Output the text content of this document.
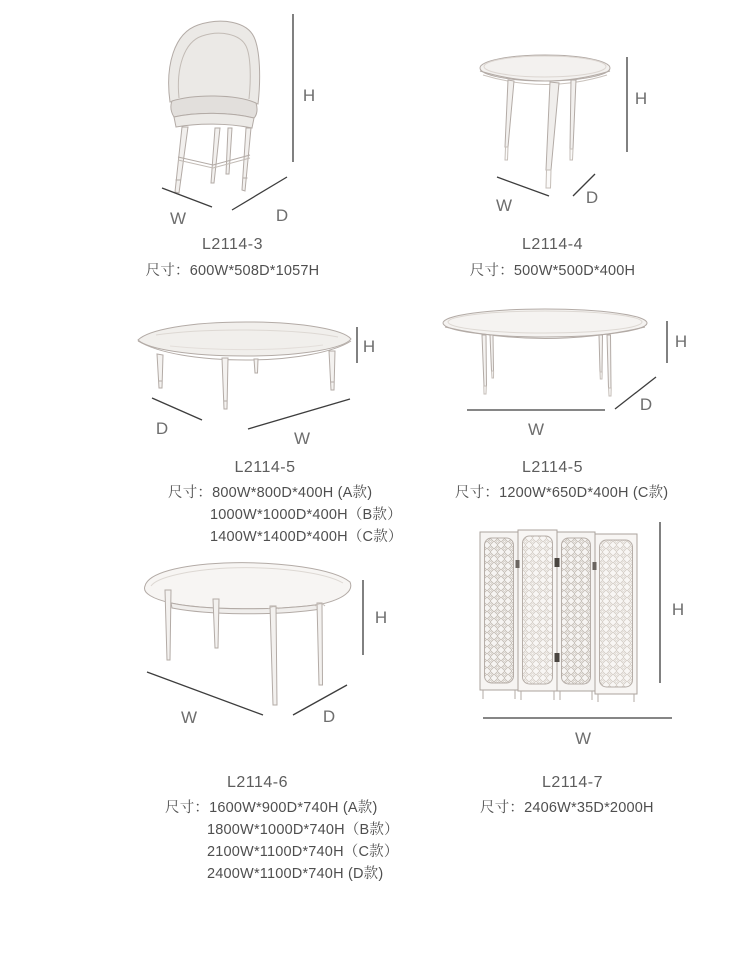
H
W	D
L2114-3
尺寸：600W*508D*1057H
H
W	D
L2114-4
尺寸：500W*500D*400H
H
D
W
L2114-5
尺寸：800W*800D*400H (A款)
1000W*1000D*400H（B款）
1400W*1400D*400H（C款）
H
W
D
L2114-5
尺寸：1200W*650D*400H (C款)
H
W	D
L2114-6
尺寸：1600W*900D*740H (A款)
1800W*1000D*740H（B款）
2100W*1100D*740H（C款）
2400W*1100D*740H (D款)
H
W
L2114-7
尺寸：2406W*35D*2000H
